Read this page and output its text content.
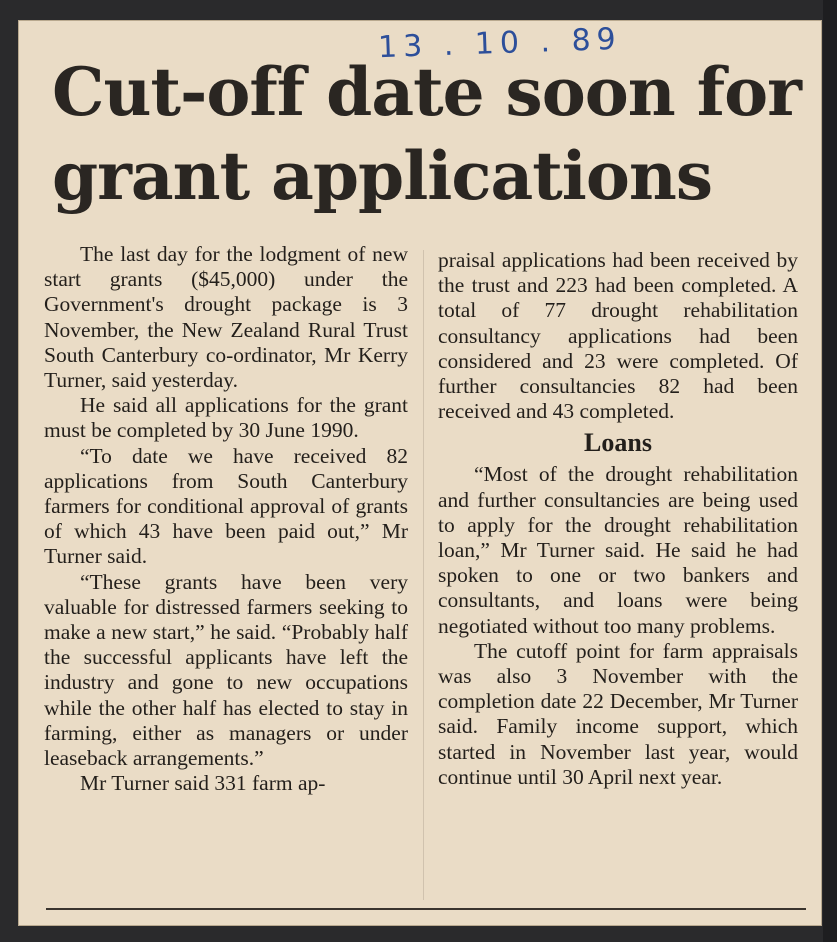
13 . 10 . 89
Cut-off date soon for grant applications

The last day for the lodgment of new start grants ($45,000) under the Government's drought package is 3 November, the New Zealand Rural Trust South Canterbury co-ordinator, Mr Kerry Turner, said yesterday.

He said all applications for the grant must be completed by 30 June 1990.

“To date we have received 82 applications from South Canterbury farmers for conditional approval of grants of which 43 have been paid out,” Mr Turner said.

“These grants have been very valuable for distressed farmers seeking to make a new start,” he said. “Probably half the successful applicants have left the industry and gone to new occupations while the other half has elected to stay in farming, either as managers or under leaseback arrangements.”

Mr Turner said 331 farm ap-

praisal applications had been received by the trust and 223 had been completed. A total of 77 drought rehabilitation consultancy applications had been considered and 23 were completed. Of further consultancies 82 had been received and 43 completed.

Loans

“Most of the drought rehabilitation and further consultancies are being used to apply for the drought rehabilitation loan,” Mr Turner said. He said he had spoken to one or two bankers and consultants, and loans were being negotiated without too many problems.

The cutoff point for farm appraisals was also 3 November with the completion date 22 December, Mr Turner said. Family income support, which started in November last year, would continue until 30 April next year.
